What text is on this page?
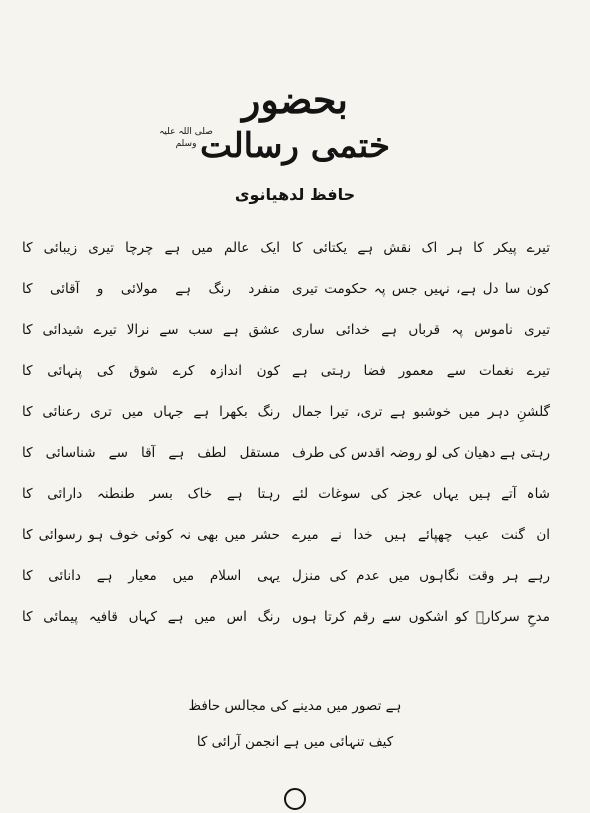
بحضور
ختمی رسالت
صلی اللہ علیہ وسلم
حافظ لدھیانوی
تیرے پیکر کا ہر اک نقش ہے یکتائی کا
ایک عالم میں ہے چرچا تیری زیبائی کا
کون سا دل ہے، نہیں جس پہ حکومت تیری
منفرد رنگ ہے مولائی و آقائی کا
تیری ناموس پہ قرباں ہے خدائی ساری
عشق ہے سب سے نرالا تیرے شیدائی کا
تیرے نغمات سے معمور فضا رہتی ہے
کون اندازہ کرے شوق کی پنہائی کا
گلشنِ دہر میں خوشبو ہے تری، تیرا جمال
رنگ بکھرا ہے جہاں میں تری رعنائی کا
رہتی ہے دھیان کی لو روضہ اقدس کی طرف
مستقل لطف ہے آقا سے شناسائی کا
شاہ آتے ہیں یہاں عجز کی سوغات لئے
رہتا ہے خاک بسر طنطنہ دارائی کا
ان گنت عیب چھپائے ہیں خدا نے میرے
حشر میں بھی نہ کوئی خوف ہو رسوائی کا
رہے ہر وقت نگاہوں میں عدم کی منزل
یہی اسلام میں معیار ہے دانائی کا
مدحِ سرکارؐ کو اشکوں سے رقم کرتا ہوں
رنگ اس میں ہے کہاں قافیہ پیمائی کا
ہے تصور میں مدینے کی مجالس حافظ
کیف تنہائی میں ہے انجمن آرائی کا
